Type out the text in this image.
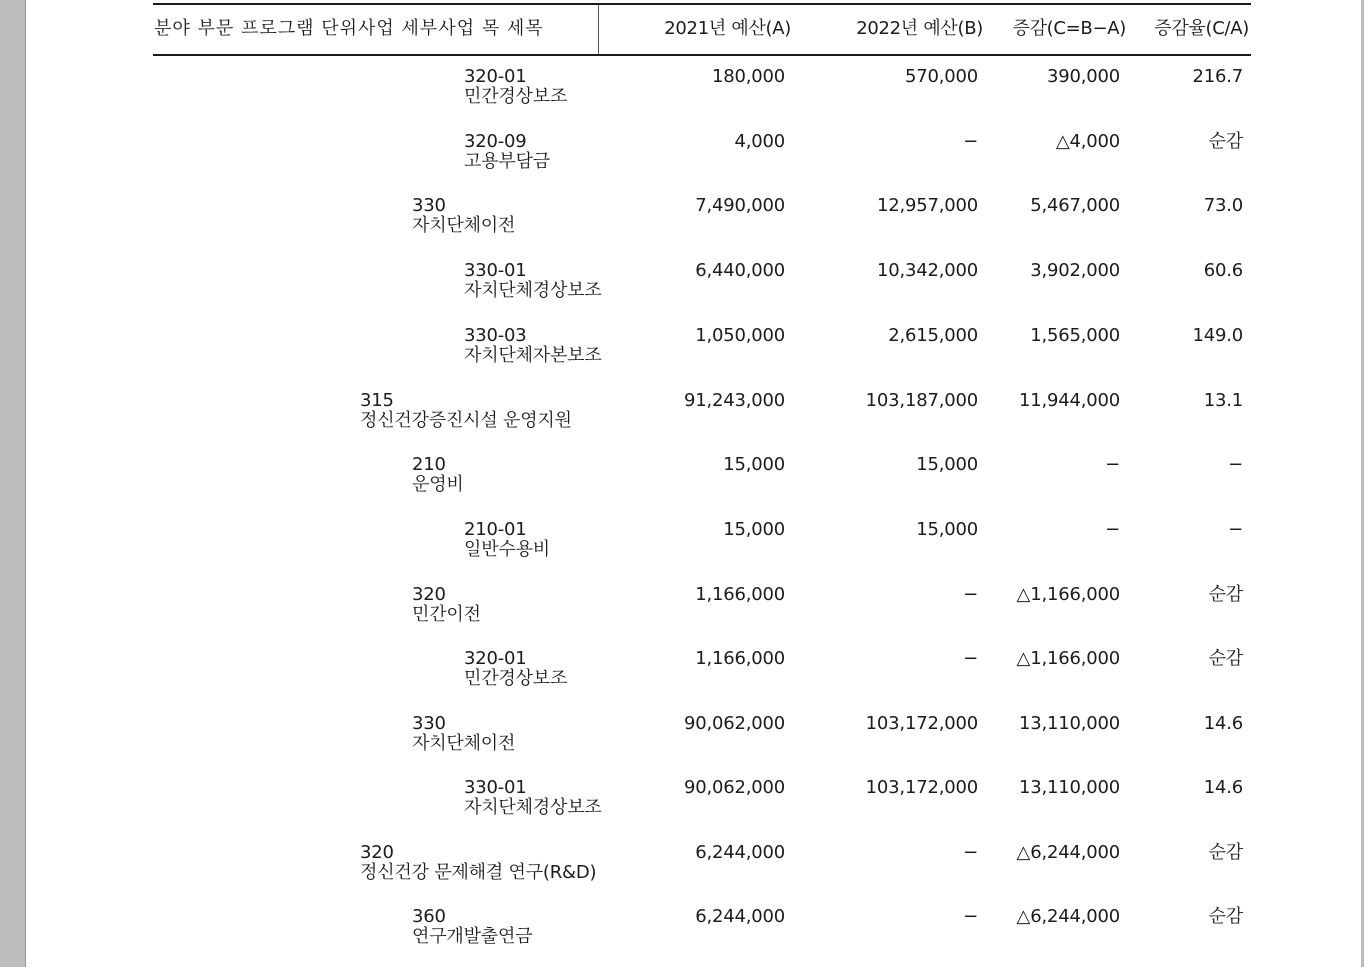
분야 부문 프로그램 단위사업 세부사업 목 세목	2021년 예산(A)	2022년 예산(B) 증감(C=B−A) 증감율(C/A)
320-01
민간경상보조
180,000	570,000	390,000	216.7
320-09
고용부담금
4,000	−	△4,000	순감
330
자치단체이전
7,490,000	12,957,000	5,467,000	73.0
330-01
자치단체경상보조
6,440,000	10,342,000	3,902,000	60.6
330-03
자치단체자본보조
1,050,000	2,615,000	1,565,000	149.0
315
정신건강증진시설 운영지원
91,243,000	103,187,000 11,944,000	13.1
210
운영비
15,000	15,000	−	−
210-01
일반수용비
15,000	15,000	−	−
320
민간이전
1,166,000	− △1,166,000	순감
320-01
민간경상보조
1,166,000	− △1,166,000	순감
330
자치단체이전
90,062,000	103,172,000 13,110,000	14.6
330-01
자치단체경상보조
90,062,000	103,172,000 13,110,000	14.6
320
정신건강 문제해결 연구(R&D)
6,244,000	− △6,244,000	순감
360
연구개발출연금
6,244,000	− △6,244,000	순감
